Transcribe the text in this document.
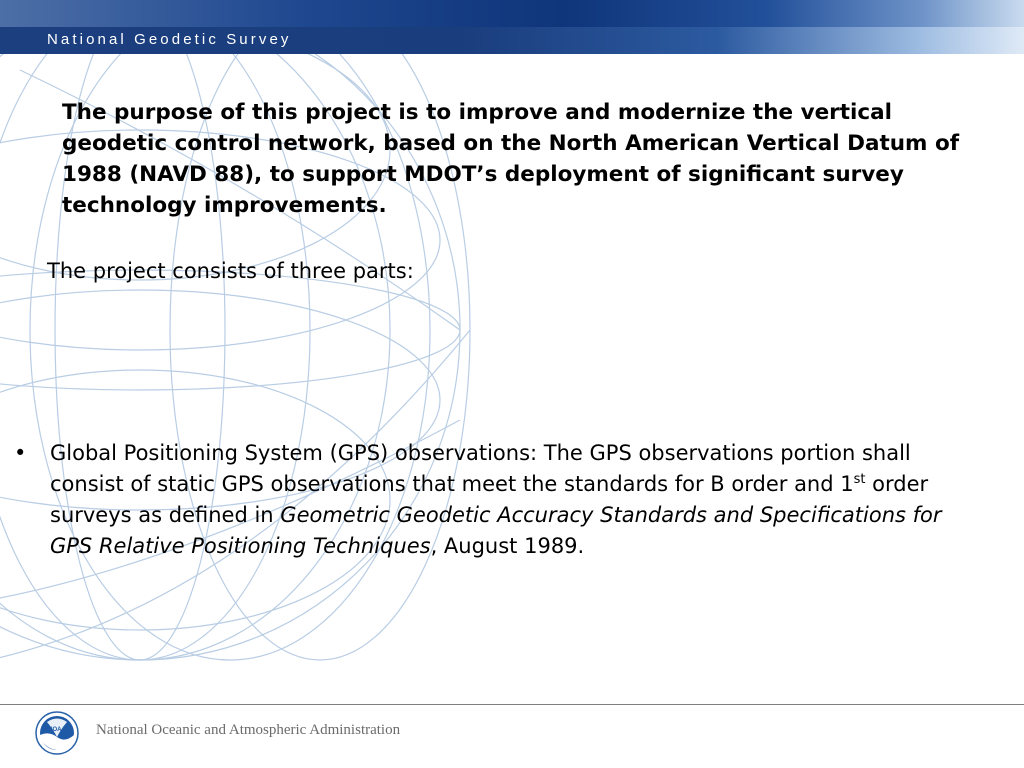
National Geodetic Survey
The purpose of this project is to improve and modernize the vertical geodetic control network, based on the North American Vertical Datum of 1988 (NAVD 88), to support MDOT’s deployment of significant survey technology improvements.
The project consists of three parts:
•	Global Positioning System (GPS) observations: The GPS observations portion shall consist of static GPS observations that meet the standards for B order and 1st order surveys as defined in Geometric Geodetic Accuracy Standards and Specifications for GPS Relative Positioning Techniques, August 1989.
NOAA National Oceanic and Atmospheric Administration
